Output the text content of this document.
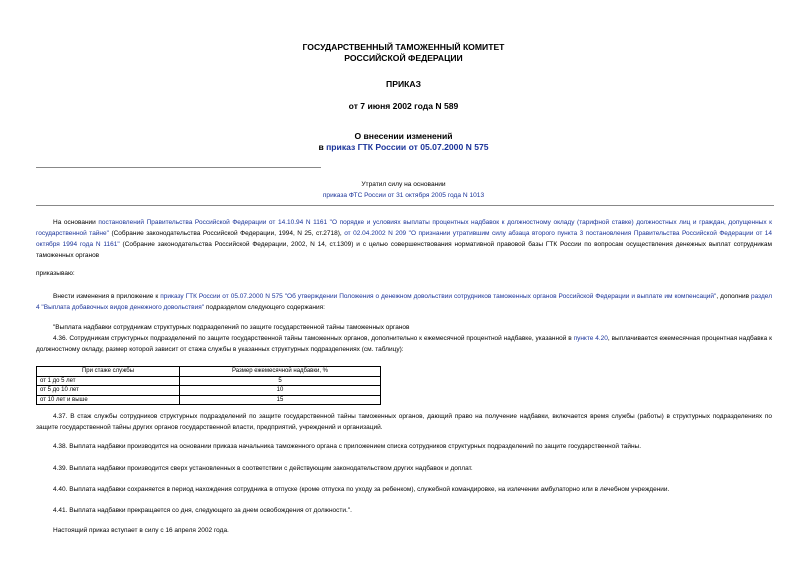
ГОСУДАРСТВЕННЫЙ ТАМОЖЕННЫЙ КОМИТЕТ
РОССИЙСКОЙ ФЕДЕРАЦИИ
ПРИКАЗ
от 7 июня 2002 года N 589
О внесении изменений
в приказ ГТК России от 05.07.2000 N 575
Утратил силу на основании
приказа ФТС России от 31 октября 2005 года N 1013
На основании постановлений Правительства Российской Федерации от 14.10.94 N 1161 "О порядке и условиях выплаты процентных надбавок к должностному окладу (тарифной ставке) должностных лиц и граждан, допущенных к государственной тайне" (Собрание законодательства Российской Федерации, 1994, N 25, ст.2718), от 02.04.2002 N 209 "О признании утратившим силу абзаца второго пункта 3 постановления Правительства Российской Федерации от 14 октября 1994 года N 1161" (Собрание законодательства Российской Федерации, 2002, N 14, ст.1309) и с целью совершенствования нормативной правовой базы ГТК России по вопросам осуществления денежных выплат сотрудникам таможенных органов
приказываю:
Внести изменения в приложение к приказу ГТК России от 05.07.2000 N 575 "Об утверждении Положения о денежном довольствии сотрудников таможенных органов Российской Федерации и выплате им компенсаций", дополнив раздел 4 "Выплата добавочных видов денежного довольствия" подразделом следующего содержания:
"Выплата надбавки сотрудникам структурных подразделений по защите государственной тайны таможенных органов
4.36. Сотрудникам структурных подразделений по защите государственной тайны таможенных органов, дополнительно к ежемесячной процентной надбавке, указанной в пункте 4.20, выплачивается ежемесячная процентная надбавка к должностному окладу, размер которой зависит от стажа службы в указанных структурных подразделениях (см. таблицу):
При стаже службы	Размер ежемесячной надбавки, %
от 1 до 5 лет	5
от 5 до 10 лет	10
от 10 лет и выше	15
4.37. В стаж службы сотрудников структурных подразделений по защите государственной тайны таможенных органов, дающий право на получение надбавки, включается время службы (работы) в структурных подразделениях по защите государственной тайны других органов государственной власти, предприятий, учреждений и организаций.
4.38. Выплата надбавки производится на основании приказа начальника таможенного органа с приложением списка сотрудников структурных подразделений по защите государственной тайны.
4.39. Выплата надбавки производится сверх установленных в соответствии с действующим законодательством других надбавок и доплат.
4.40. Выплата надбавки сохраняется в период нахождения сотрудника в отпуске (кроме отпуска по уходу за ребенком), служебной командировке, на излечении амбулаторно или в лечебном учреждении.
4.41. Выплата надбавки прекращается со дня, следующего за днем освобождения от должности.".
Настоящий приказ вступает в силу с 16 апреля 2002 года.
